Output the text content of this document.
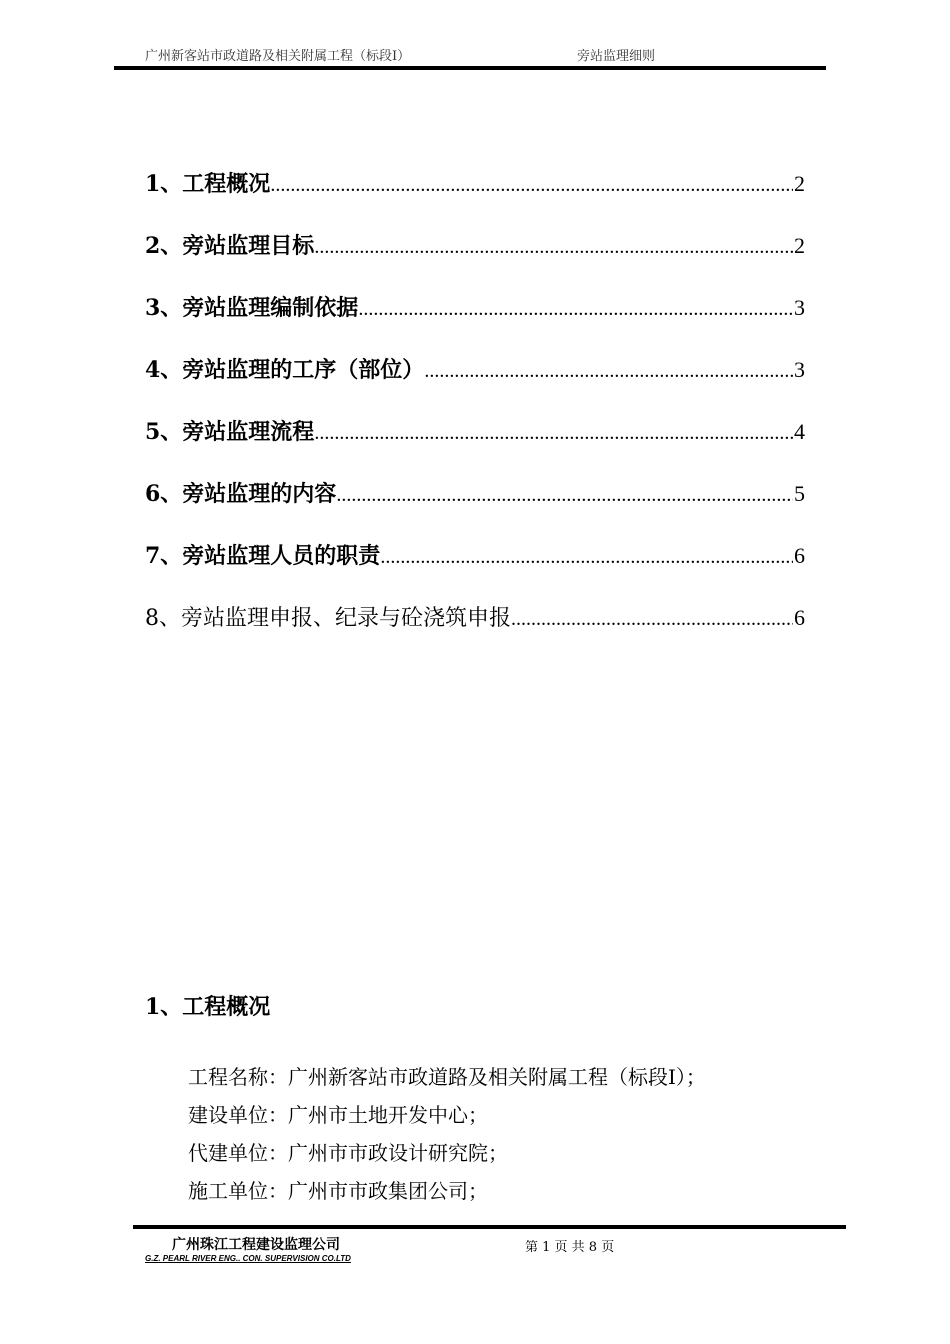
广州新客站市政道路及相关附属工程（标段Ⅰ）	旁站监理细则
1、工程概况 .....	2
2、旁站监理目标 .....	2
3、旁站监理编制依据 .....	3
4、旁站监理的工序（部位） .....	3
5、旁站监理流程 .....	4
6、旁站监理的内容 .....	5
7、旁站监理人员的职责 .....	6
8、旁站监理申报、纪录与砼浇筑申报 .....	6
1、工程概况
工程名称：广州新客站市政道路及相关附属工程（标段Ⅰ）；
建设单位：广州市土地开发中心；
代建单位：广州市市政设计研究院；
施工单位：广州市市政集团公司；
广州珠江工程建设监理公司
G.Z. PEARL RIVER ENG.. CON. SUPERVISION CO.LTD
第 1 页 共 8 页
